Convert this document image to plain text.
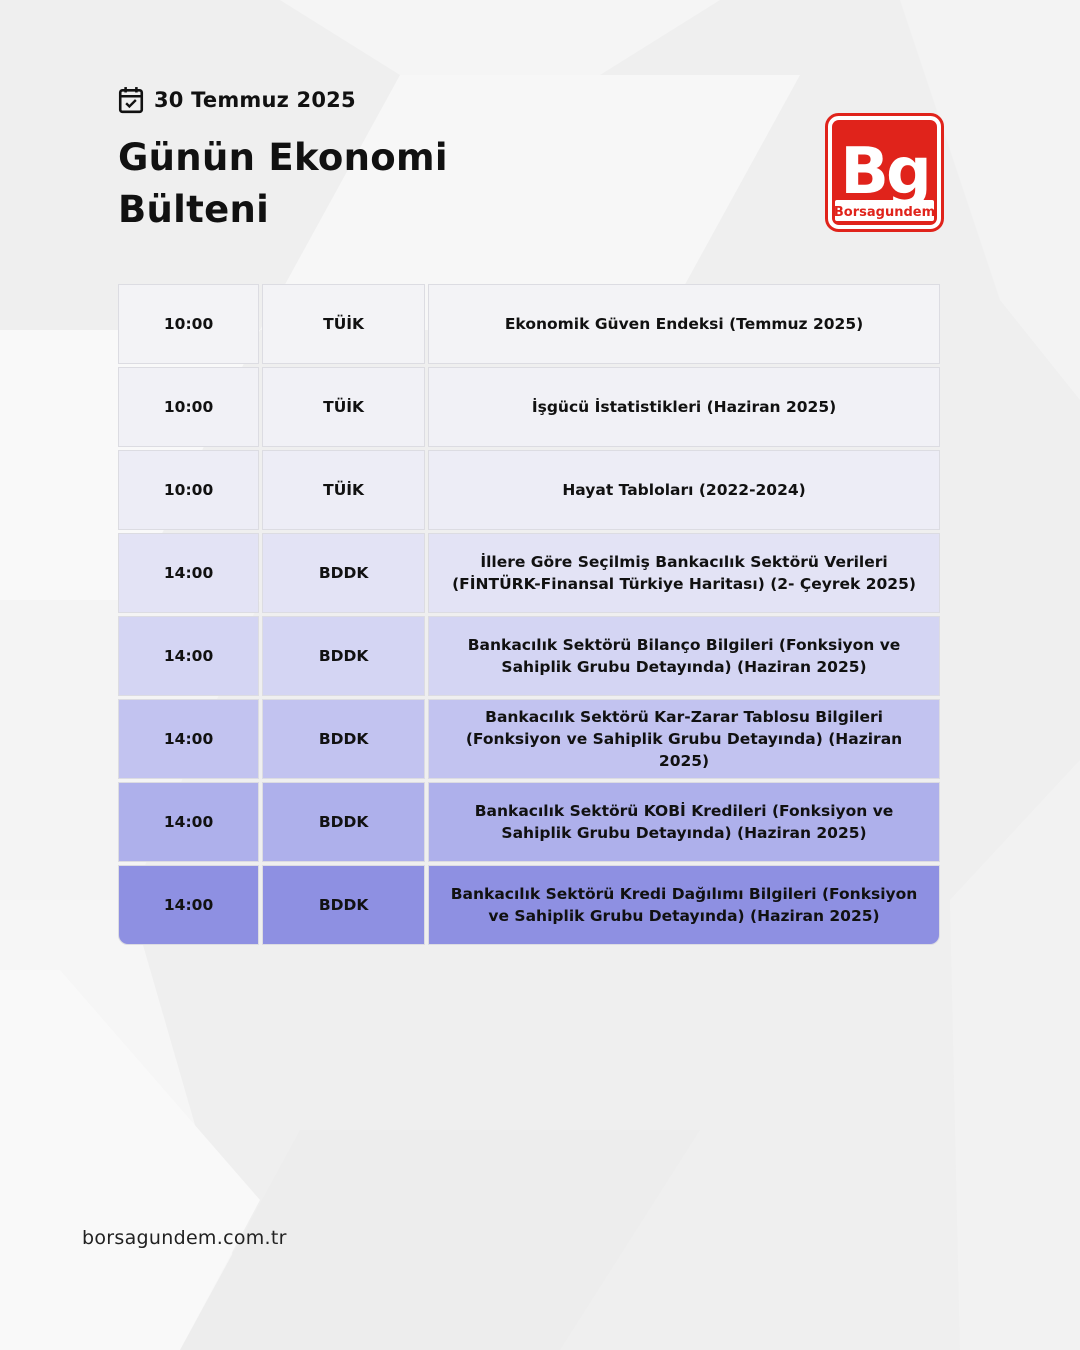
30 Temmuz 2025
Günün Ekonomi
Bülteni
Bg
Borsagundem
10:00	TÜİK	Ekonomik Güven Endeksi (Temmuz 2025)
10:00	TÜİK	İşgücü İstatistikleri (Haziran 2025)
10:00	TÜİK	Hayat Tabloları (2022-2024)
14:00	BDDK	İllere Göre Seçilmiş Bankacılık Sektörü Verileri (FİNTÜRK-Finansal Türkiye Haritası) (2- Çeyrek 2025)
14:00	BDDK	Bankacılık Sektörü Bilanço Bilgileri (Fonksiyon ve Sahiplik Grubu Detayında) (Haziran 2025)
14:00	BDDK	Bankacılık Sektörü Kar-Zarar Tablosu Bilgileri (Fonksiyon ve Sahiplik Grubu Detayında) (Haziran 2025)
14:00	BDDK	Bankacılık Sektörü KOBİ Kredileri (Fonksiyon ve Sahiplik Grubu Detayında) (Haziran 2025)
14:00	BDDK	Bankacılık Sektörü Kredi Dağılımı Bilgileri (Fonksiyon ve Sahiplik Grubu Detayında) (Haziran 2025)
borsagundem.com.tr
